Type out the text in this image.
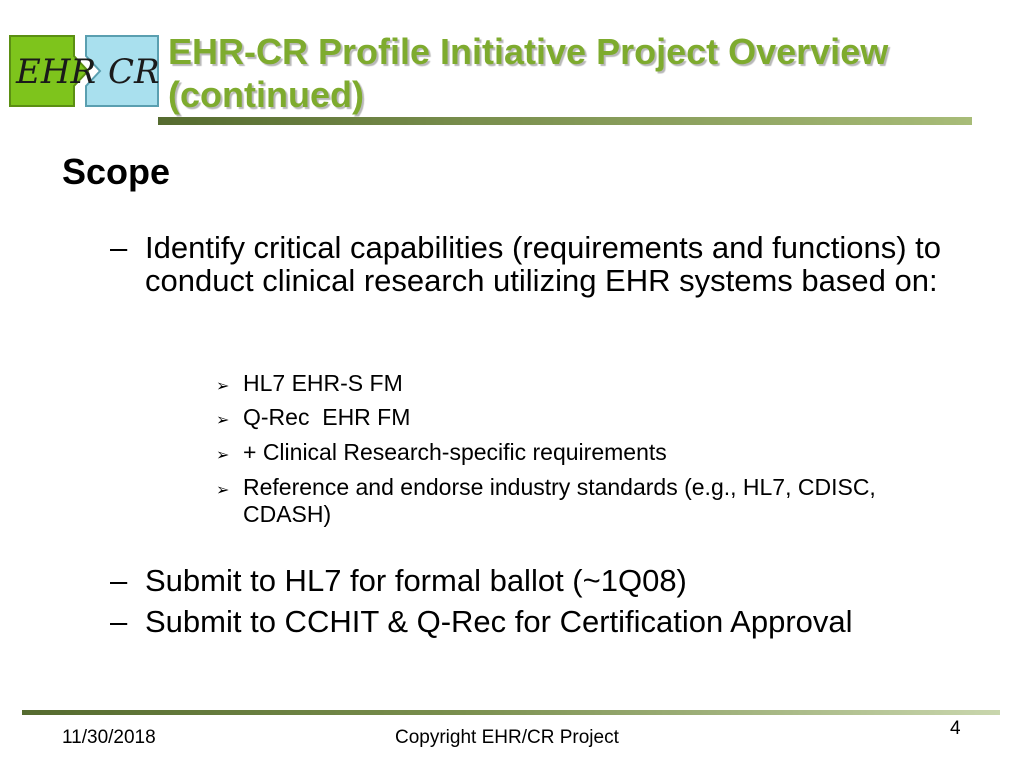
EHR CR EHR-CR Profile Initiative Project Overview
(continued)
Scope
– Identify critical capabilities (requirements and functions) to conduct clinical research utilizing EHR systems based on:
➢ HL7 EHR-S FM
➢ Q-Rec  EHR FM
➢ + Clinical Research-specific requirements
➢ Reference and endorse industry standards (e.g., HL7, CDISC, CDASH)
– Submit to HL7 for formal ballot (~1Q08)
– Submit to CCHIT & Q-Rec for Certification Approval
11/30/2018	Copyright EHR/CR Project	4
